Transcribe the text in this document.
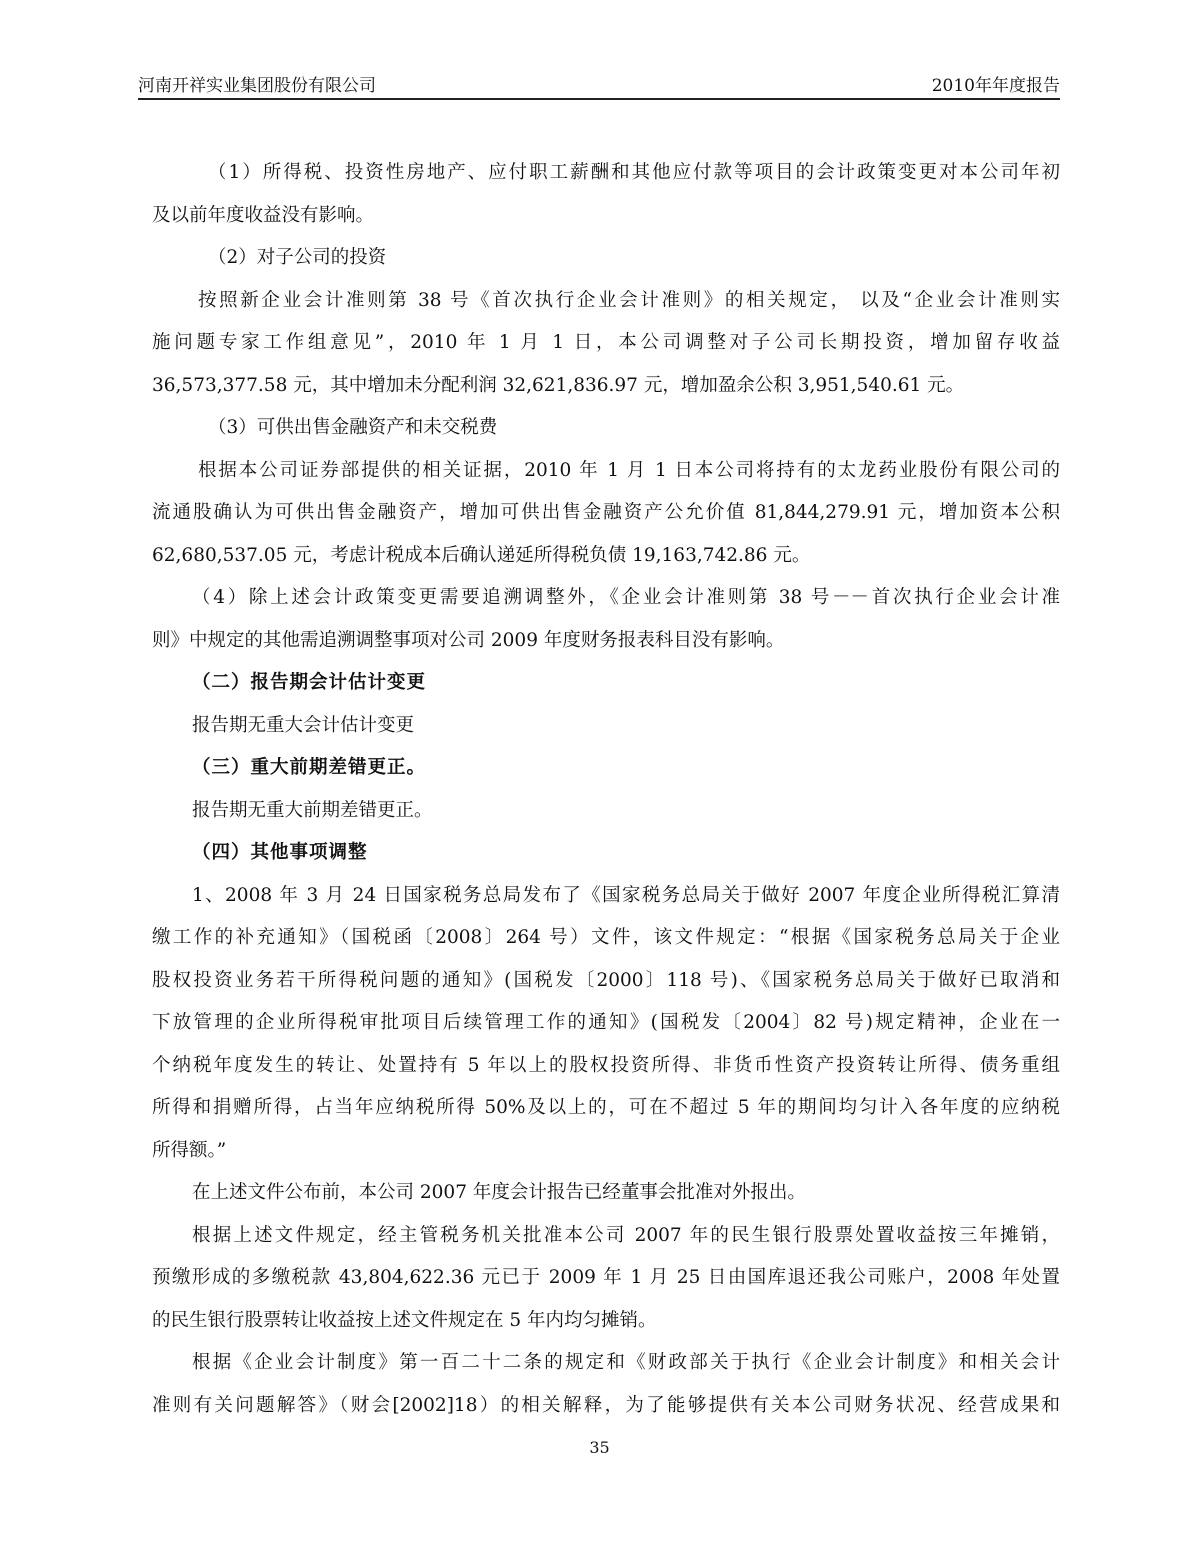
河南开祥实业集团股份有限公司	2010年年度报告
（1）所得税、投资性房地产、应付职工薪酬和其他应付款等项目的会计政策变更对本公司年初
及以前年度收益没有影响。
（2）对子公司的投资
按照新企业会计准则第 38 号《首次执行企业会计准则》的相关规定， 以及“企业会计准则实
施问题专家工作组意见”，2010 年 1 月 1 日，本公司调整对子公司长期投资，增加留存收益
36,573,377.58 元，其中增加未分配利润 32,621,836.97 元，增加盈余公积 3,951,540.61 元。
（3）可供出售金融资产和未交税费
根据本公司证券部提供的相关证据，2010 年 1 月 1 日本公司将持有的太龙药业股份有限公司的
流通股确认为可供出售金融资产，增加可供出售金融资产公允价值 81,844,279.91 元，增加资本公积
62,680,537.05 元，考虑计税成本后确认递延所得税负债 19,163,742.86 元。
（4）除上述会计政策变更需要追溯调整外，《企业会计准则第 38 号－－首次执行企业会计准
则》中规定的其他需追溯调整事项对公司 2009 年度财务报表科目没有影响。
（二）报告期会计估计变更
报告期无重大会计估计变更
（三）重大前期差错更正。
报告期无重大前期差错更正。
（四）其他事项调整
1、2008 年 3 月 24 日国家税务总局发布了《国家税务总局关于做好 2007 年度企业所得税汇算清
缴工作的补充通知》（国税函〔2008〕264 号）文件，该文件规定：“根据《国家税务总局关于企业
股权投资业务若干所得税问题的通知》(国税发〔2000〕118 号)、《国家税务总局关于做好已取消和
下放管理的企业所得税审批项目后续管理工作的通知》(国税发〔2004〕82 号)规定精神，企业在一
个纳税年度发生的转让、处置持有 5 年以上的股权投资所得、非货币性资产投资转让所得、债务重组
所得和捐赠所得，占当年应纳税所得 50%及以上的，可在不超过 5 年的期间均匀计入各年度的应纳税
所得额。”
在上述文件公布前，本公司 2007 年度会计报告已经董事会批准对外报出。
根据上述文件规定，经主管税务机关批准本公司 2007 年的民生银行股票处置收益按三年摊销，
预缴形成的多缴税款 43,804,622.36 元已于 2009 年 1 月 25 日由国库退还我公司账户，2008 年处置
的民生银行股票转让收益按上述文件规定在 5 年内均匀摊销。
根据《企业会计制度》第一百二十二条的规定和《财政部关于执行《企业会计制度》和相关会计
准则有关问题解答》（财会[2002]18）的相关解释，为了能够提供有关本公司财务状况、经营成果和
35
